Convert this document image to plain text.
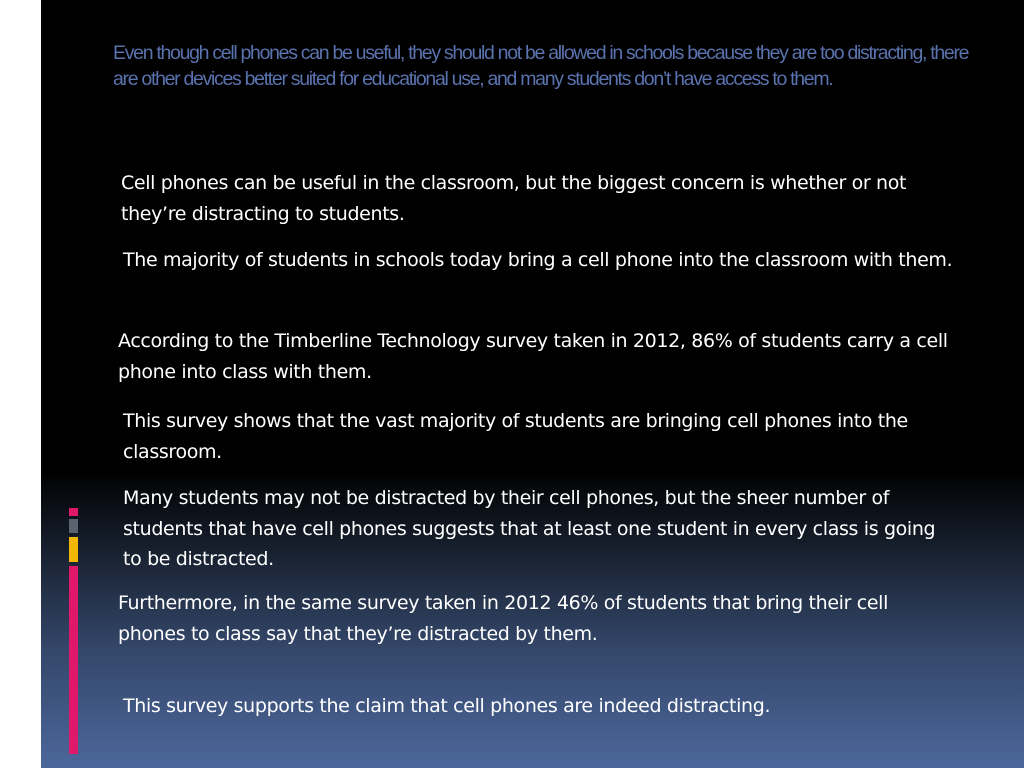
Even though cell phones can be useful, they should not be allowed in schools because they are too distracting, there are other devices better suited for educational use, and many students don’t have access to them.

Cell phones can be useful in the classroom, but the biggest concern is whether or not they’re distracting to students.

The majority of students in schools today bring a cell phone into the classroom with them.

According to the Timberline Technology survey taken in 2012, 86% of students carry a cell phone into class with them.

This survey shows that the vast majority of students are bringing cell phones into the classroom.

Many students may not be distracted by their cell phones, but the sheer number of students that have cell phones suggests that at least one student in every class is going to be distracted.

Furthermore, in the same survey taken in 2012 46% of students that bring their cell phones to class say that they’re distracted by them.

This survey supports the claim that cell phones are indeed distracting.
